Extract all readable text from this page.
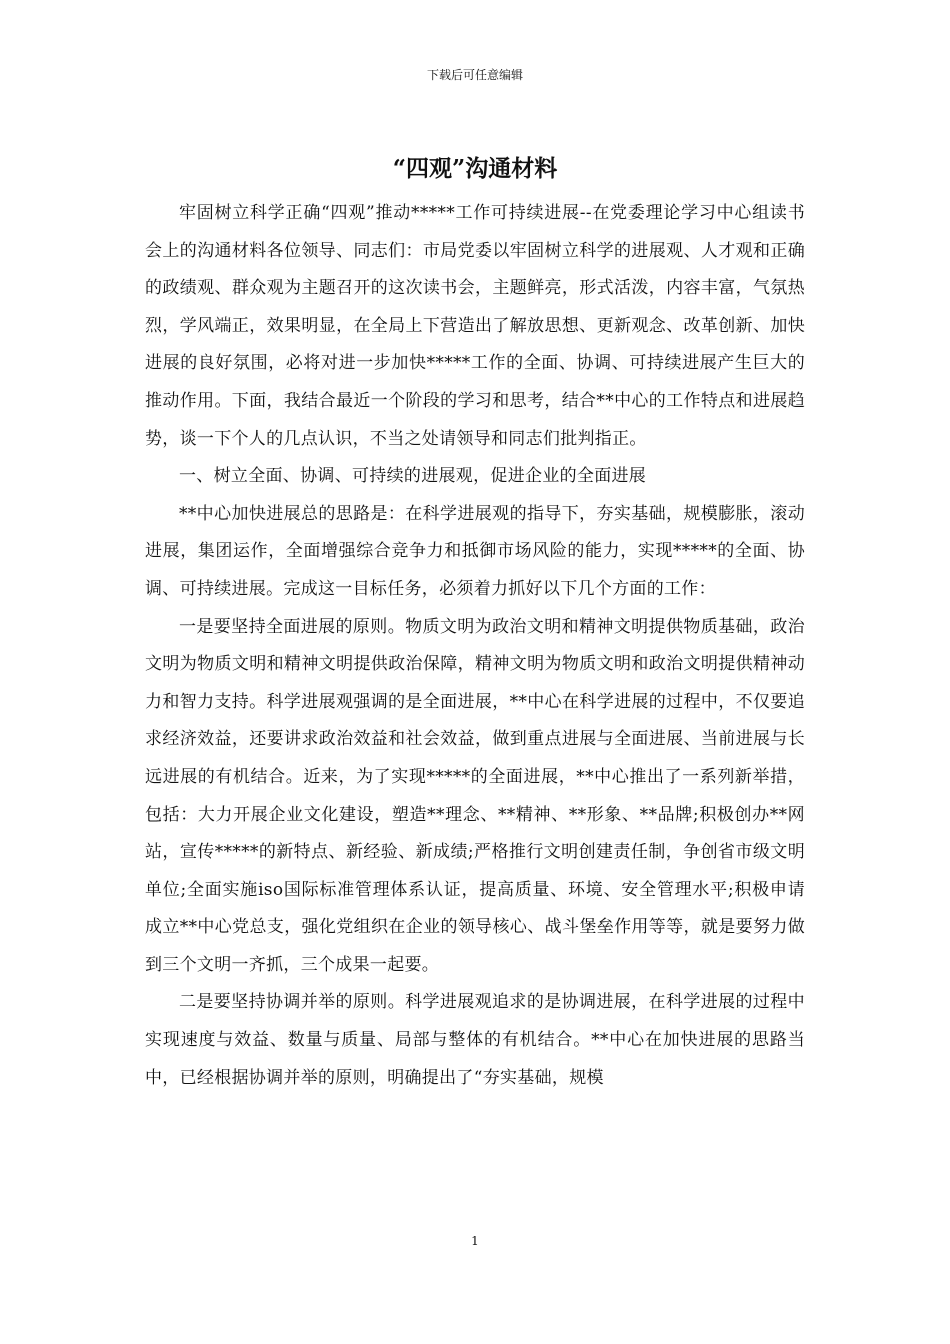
下载后可任意编辑
“四观”沟通材料

牢固树立科学正确“四观”推动*****工作可持续进展--在党委理论学习中心组读书会上的沟通材料各位领导、同志们：市局党委以牢固树立科学的进展观、人才观和正确的政绩观、群众观为主题召开的这次读书会，主题鲜亮，形式活泼，内容丰富，气氛热烈，学风端正，效果明显，在全局上下营造出了解放思想、更新观念、改革创新、加快进展的良好氛围，必将对进一步加快*****工作的全面、协调、可持续进展产生巨大的推动作用。下面，我结合最近一个阶段的学习和思考，结合**中心的工作特点和进展趋势，谈一下个人的几点认识，不当之处请领导和同志们批判指正。

一、树立全面、协调、可持续的进展观，促进企业的全面进展

**中心加快进展总的思路是：在科学进展观的指导下，夯实基础，规模膨胀，滚动进展，集团运作，全面增强综合竞争力和抵御市场风险的能力，实现*****的全面、协调、可持续进展。完成这一目标任务，必须着力抓好以下几个方面的工作：

一是要坚持全面进展的原则。物质文明为政治文明和精神文明提供物质基础，政治文明为物质文明和精神文明提供政治保障，精神文明为物质文明和政治文明提供精神动力和智力支持。科学进展观强调的是全面进展，**中心在科学进展的过程中，不仅要追求经济效益，还要讲求政治效益和社会效益，做到重点进展与全面进展、当前进展与长远进展的有机结合。近来，为了实现*****的全面进展，**中心推出了一系列新举措，包括：大力开展企业文化建设，塑造**理念、**精神、**形象、**品牌;积极创办**网站，宣传*****的新特点、新经验、新成绩;严格推行文明创建责任制，争创省市级文明单位;全面实施iso国际标准管理体系认证，提高质量、环境、安全管理水平;积极申请成立**中心党总支，强化党组织在企业的领导核心、战斗堡垒作用等等，就是要努力做到三个文明一齐抓，三个成果一起要。

二是要坚持协调并举的原则。科学进展观追求的是协调进展，在科学进展的过程中实现速度与效益、数量与质量、局部与整体的有机结合。**中心在加快进展的思路当中，已经根据协调并举的原则，明确提出了“夯实基础，规模

1
